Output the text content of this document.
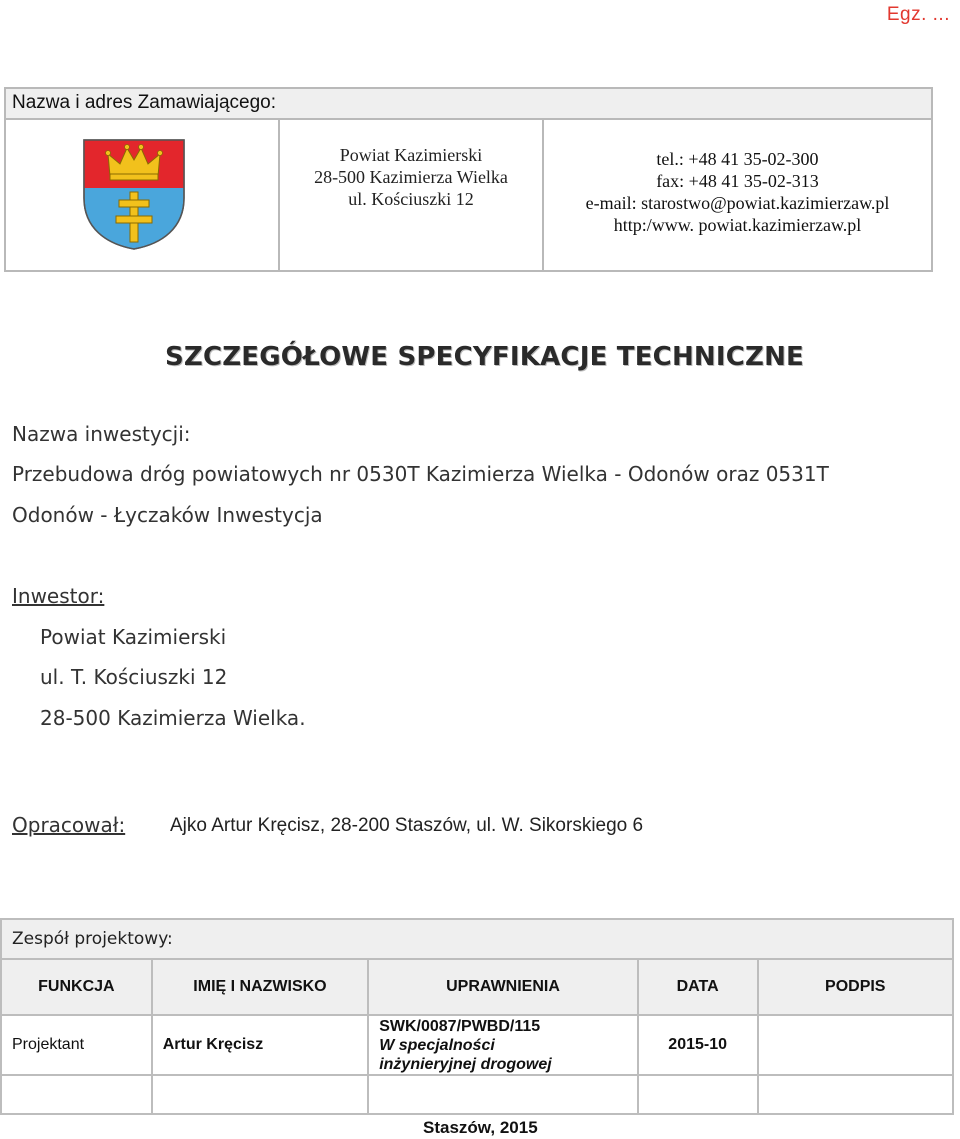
Egz. ...
Nazwa i adres Zamawiającego:
Powiat Kazimierski
28-500 Kazimierza Wielka
ul. Kościuszki 12
tel.: +48 41 35-02-300
fax: +48 41 35-02-313
e-mail: starostwo@powiat.kazimierzaw.pl
http:/www. powiat.kazimierzaw.pl
SZCZEGÓŁOWE SPECYFIKACJE TECHNICZNE
Nazwa inwestycji:
Przebudowa dróg powiatowych nr 0530T Kazimierza Wielka - Odonów oraz 0531T
Odonów - Łyczaków Inwestycja
Inwestor:
Powiat Kazimierski
ul. T. Kościuszki 12
28-500 Kazimierza Wielka.
Opracował: Ajko Artur Kręcisz, 28-200 Staszów, ul. W. Sikorskiego 6
Zespół projektowy:				
FUNKCJA	IMIĘ I NAZWISKO	UPRAWNIENIA	DATA	PODPIS
Projektant	Artur Kręcisz	SWK/0087/PWBD/115
W specjalności
inżynieryjnej drogowej	2015-10	

Staszów, 2015
